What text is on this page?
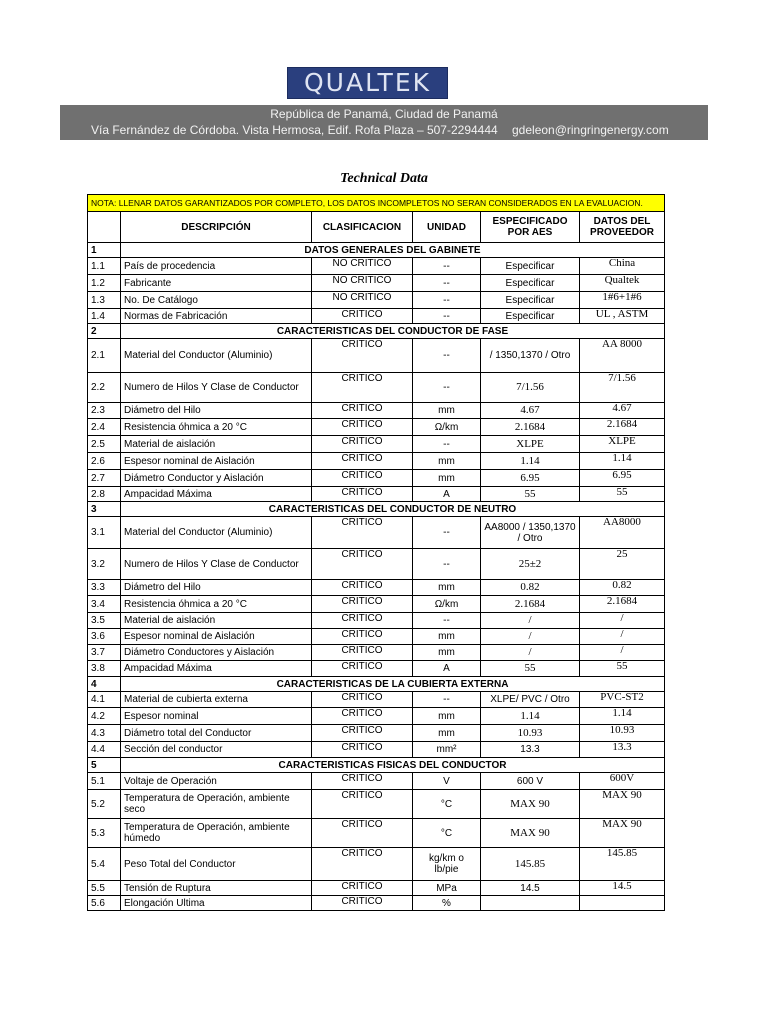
QUALTEK
República de Panamá, Ciudad de Panamá
Vía Fernández de Córdoba. Vista Hermosa, Edif. Rofa Plaza – 507-2294444 gdeleon@ringringenergy.com
Technical Data
NOTA: LLENAR DATOS GARANTIZADOS POR COMPLETO, LOS DATOS INCOMPLETOS NO SERAN CONSIDERADOS EN LA EVALUACION.					
	DESCRIPCIÓN	CLASIFICACION	UNIDAD	ESPECIFICADO POR AES	DATOS DEL PROVEEDOR
1	DATOS GENERALES DEL GABINETE				
1.1	País de procedencia	NO CRITICO	--	Especificar	China
1.2	Fabricante	NO CRITICO	--	Especificar	Qualtek
1.3	No. De Catálogo	NO CRITICO	--	Especificar	1#6+1#6
1.4	Normas de Fabricación	CRITICO	--	Especificar	UL , ASTM
2	CARACTERISTICAS DEL CONDUCTOR DE FASE				
2.1	Material del Conductor (Aluminio)	CRITICO	--	/ 1350,1370 / Otro	AA 8000
2.2	Numero de Hilos Y Clase de Conductor	CRITICO	--	7/1.56	7/1.56
2.3	Diámetro del Hilo	CRITICO	mm	4.67	4.67
2.4	Resistencia óhmica a 20 °C	CRITICO	Ω/km	2.1684	2.1684
2.5	Material de aislación	CRITICO	--	XLPE	XLPE
2.6	Espesor nominal de Aislación	CRITICO	mm	1.14	1.14
2.7	Diámetro Conductor y Aislación	CRITICO	mm	6.95	6.95
2.8	Ampacidad Máxima	CRITICO	A	55	55
3	CARACTERISTICAS DEL CONDUCTOR DE NEUTRO				
3.1	Material del Conductor (Aluminio)	CRITICO	--	AA8000 / 1350,1370 / Otro	AA8000
3.2	Numero de Hilos Y Clase de Conductor	CRITICO	--	25±2	25
3.3	Diámetro del Hilo	CRITICO	mm	0.82	0.82
3.4	Resistencia óhmica a 20 °C	CRITICO	Ω/km	2.1684	2.1684
3.5	Material de aislación	CRITICO	--	/	/
3.6	Espesor nominal de Aislación	CRITICO	mm	/	/
3.7	Diámetro Conductores y Aislación	CRITICO	mm	/	/
3.8	Ampacidad Máxima	CRITICO	A	55	55
4	CARACTERISTICAS DE LA CUBIERTA EXTERNA				
4.1	Material de cubierta externa	CRITICO	--	XLPE/ PVC / Otro	PVC-ST2
4.2	Espesor nominal	CRITICO	mm	1.14	1.14
4.3	Diámetro total del Conductor	CRITICO	mm	10.93	10.93
4.4	Sección del conductor	CRITICO	mm²	13.3	13.3
5	CARACTERISTICAS FISICAS DEL CONDUCTOR				
5.1	Voltaje de Operación	CRITICO	V	600 V	600V
5.2	Temperatura de Operación, ambiente seco	CRITICO	°C	MAX 90	MAX 90
5.3	Temperatura de Operación, ambiente húmedo	CRITICO	°C	MAX 90	MAX 90
5.4	Peso Total del Conductor	CRITICO	kg/km o lb/pie	145.85	145.85
5.5	Tensión de Ruptura	CRITICO	MPa	14.5	14.5
5.6	Elongación Ultima	CRITICO	%		
